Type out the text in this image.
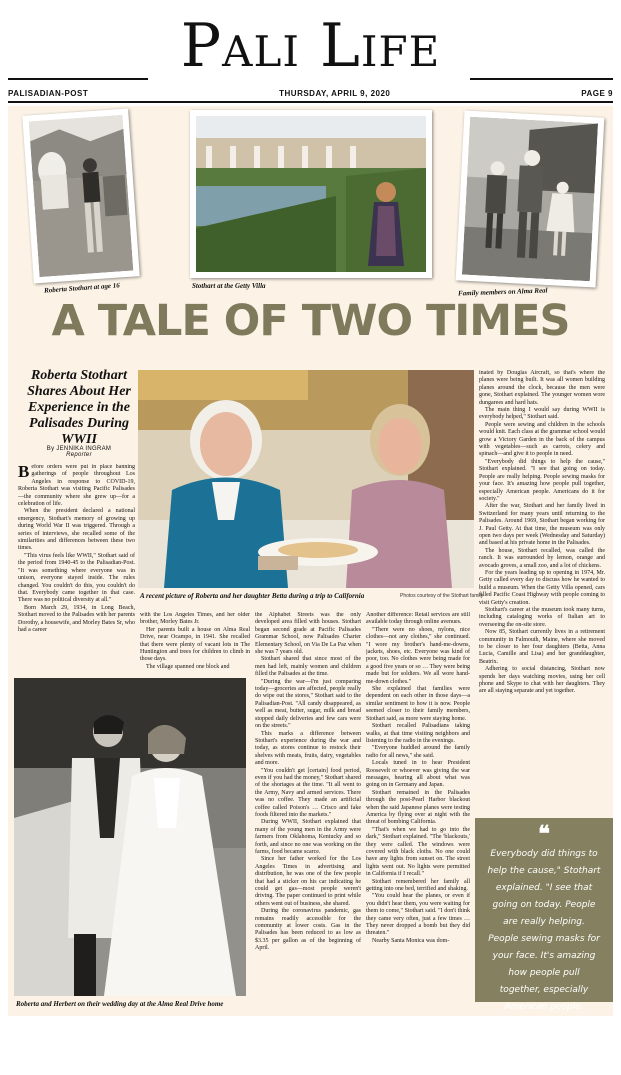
Pali Life
PALISADIAN-POST	THURSDAY, APRIL 9, 2020	PAGE 9
Roberta Stothart at age 16	Stothart at the Getty Villa
Family members on Alma Real
A TALE OF TWO TIMES
Roberta Stothart Shares About Her Experience in the Palisades During WWII
By JENNIKA INGRAM
Reporter
A recent picture of Roberta and her daughter Betta during a trip to California	Photos courtesy of the Stothart family
Roberta and Herbert on their wedding day at the Alma Real Drive home

Before orders were put in place banning gatherings of people throughout Los Angeles in response to COVID-19, Roberta Stothart was visiting Pacific Palisades—the community where she grew up—for a celebration of life.

When the president declared a national emergency, Stothart's memory of growing up during World War II was triggered. Through a series of interviews, she recalled some of the similarities and differences between these two times.

"This virus feels like WWII," Stothart said of the period from 1940-45 to the Palisadian-Post. "It was something where everyone was in unison, everyone stayed inside. The rules changed. You couldn't do this, you couldn't do that. Everybody came together in that case. There was no political diversity at all."

Born March 29, 1934, in Long Beach, Stothart moved to the Palisades with her parents Dorothy, a housewife, and Morley Bates Sr, who had a career

with the Los Angeles Times, and her older brother, Morley Bates Jr.

Her parents built a house on Alma Real Drive, near Ocampo, in 1941. She recalled that there were plenty of vacant lots in The Huntington and trees for children to climb in those days.

The village spanned one block and

the Alphabet Streets was the only developed area filled with houses. Stothart began second grade at Pacific Palisades Grammar School, now Palisades Charter Elementary School, on Via De La Paz when she was 7 years old.

Stothart shared that since most of the men had left, mainly women and children filled the Palisades at the time.

"During the war—I'm just comparing today—groceries are affected, people really do wipe out the stores," Stothart said to the Palisadian-Post. "All candy disappeared, as well as meat, butter, sugar, milk and bread stopped daily deliveries and few cars were on the streets."

This marks a difference between Stothart's experience during the war and today, as stores continue to restock their shelves with meats, fruits, dairy, vegetables and more.

"You couldn't get [certain] food period, even if you had the money," Stothart shared of the shortages at the time. "It all went to the Army, Navy and armed services. There was no coffee. They made an artificial coffee called Poison's … Crisco and fake foods filtered into the markets."

During WWII, Stothart explained that many of the young men in the Army were farmers from Oklahoma, Kentucky and so forth, and since no one was working on the farms, food became scarce.

Since her father worked for the Los Angeles Times in advertising and distribution, he was one of the few people that had a sticker on his car indicating he could get gas—most people weren't driving. The paper continued to print while others went out of business, she shared.

During the coronavirus pandemic, gas remains readily accessible for the community at lower costs. Gas in the Palisades has been reduced to as low as $3.35 per gallon as of the beginning of April.

Another difference: Retail services are still available today through online avenues.

"There were no shoes, nylons, nice clothes—not any clothes," she continued. "I wore my brother's hand-me-downs, jackets, shoes, etc. Everyone was kind of poor, too. No clothes were being made for a good five years or so … They were being made but for soldiers. We all wore hand-me-down clothes."

She explained that families were dependent on each other in those days—a similar sentiment to how it is now. People seemed closer to their family members, Stothart said, as more were staying home.

Stothart recalled Palisadians taking walks, at that time visiting neighbors and listening to the radio in the evenings.

"Everyone huddled around the family radio for all news," she said.

Locals tuned in to hear President Roosevelt or whoever was giving the war messages, hearing all about what was going on in Germany and Japan.

Stothart remained in the Palisades through the post-Pearl Harbor blackout when the said Japanese planes were testing America by flying over at night with the threat of bombing California.

"That's when we had to go into the dark," Stothart explained. "The 'blackouts,' they were called. The windows were covered with black cloths. No one could have any lights from sunset on. The street lights went out. No lights were permitted in California if I recall."

Stothart remembered her family all getting into one bed, terrified and shaking.

"You could hear the planes, or even if you didn't hear them, you were waiting for them to come," Stothart said. "I don't think they came very often, just a few times … They never dropped a bomb but they did threaten."

Nearby Santa Monica was dom-

inated by Douglas Aircraft, so that's where the planes were being built. It was all women building planes around the clock, because the men were gone, Stothart explained. The younger women wore dungarees and hard hats.

The main thing I would say during WWII is everybody helped," Stothart said.

People were sewing and children in the schools would knit. Each class at the grammar school would grow a Victory Garden in the back of the campus with vegetables—such as carrots, celery and spinach—and give it to people in need.

"Everybody did things to help the cause," Stothart explained. "I see that going on today. People are really helping. People sewing masks for your face. It's amazing how people pull together, especially American people. Americans do it for society."

After the war, Stothart and her family lived in Switzerland for many years until returning to the Palisades. Around 1969, Stothart began working for J. Paul Getty. At that time, the museum was only open two days per week (Wednesday and Saturday) and based at his private home in the Palisades.

The house, Stothart recalled, was called the ranch. It was surrounded by lemon, orange and avocado groves, a small zoo, and a lot of chickens.

For the years leading up to opening in 1974, Mr. Getty called every day to discuss how he wanted to build a museum. When the Getty Villa opened, cars filled Pacific Coast Highway with people coming to visit Getty's creation.

Stothart's career at the museum took many turns, including cataloging works of Italian art to overseeing the on-site store.

Now 85, Stothart currently lives in a retirement community in Falmouth, Maine, where she moved to be closer to her four daughters (Betta, Anna Lucia, Camille and Lisa) and her granddaughter, Beatrix.

Adhering to social distancing, Stothart now spends her days watching movies, using her cell phone and Skype to chat with her daughters. They are all staying separate and yet together.

❝
Everybody did things to help the cause," Stothart explained. "I see that going on today. People are really helping. People sewing masks for your face. It's amazing how people pull together, especially American people. Americans do it for society.
❞
